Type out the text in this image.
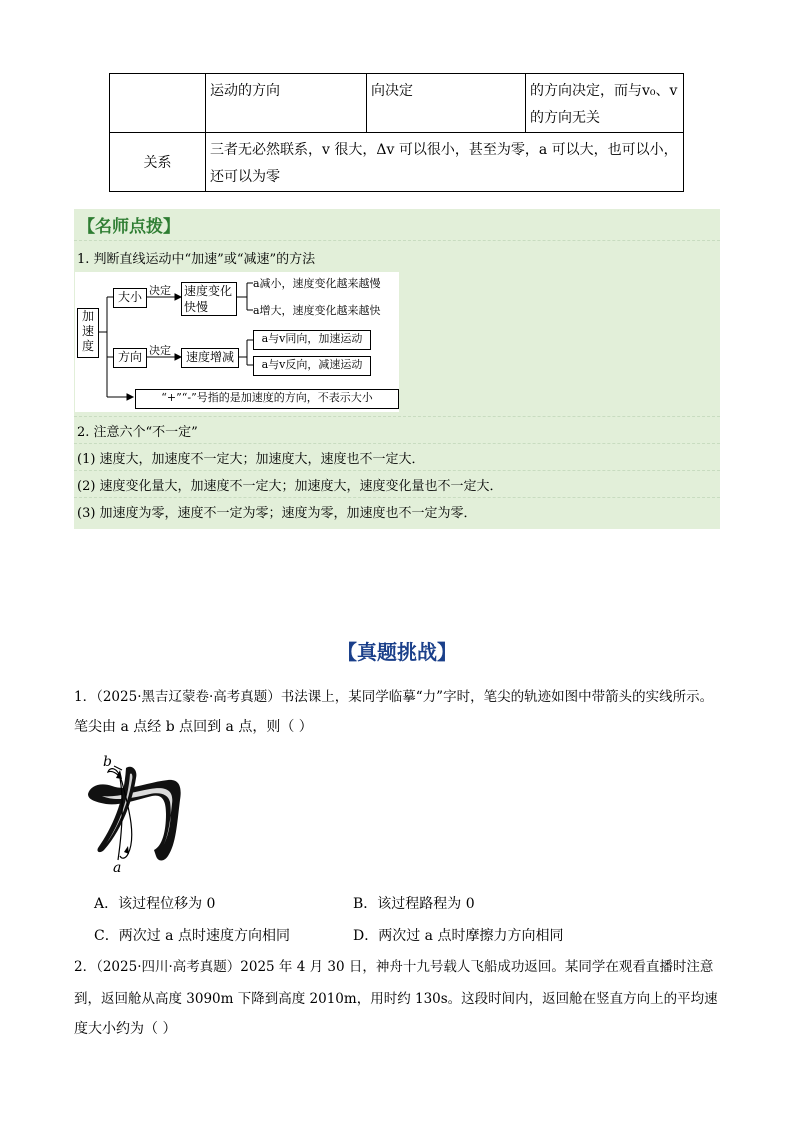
	运动的方向	向决定	的方向决定，而与v₀、v
的方向无关

关系	三者无必然联系，v 很大，Δv 可以很小，甚至为零，a 可以大，也可以小，
还可以为零		
【名师点拨】
1. 判断直线运动中“加速”或“减速”的方法
加速度
大小 决定 速度变化快慢
a减小，速度变化越来越慢
a增大，速度变化越来越快
方向 决定	速度增减
a与v同向，加速运动
a与v反向，减速运动
“+”“-”号指的是加速度的方向，不表示大小
2. 注意六个“不一定”
(1) 速度大，加速度不一定大；加速度大，速度也不一定大．
(2) 速度变化量大，加速度不一定大；加速度大，速度变化量也不一定大．
(3) 加速度为零，速度不一定为零；速度为零，加速度也不一定为零．
【真题挑战】
1．（2025·黑吉辽蒙卷·高考真题）书法课上，某同学临摹“力”字时，笔尖的轨迹如图中带箭头的实线所示。
笔尖由 a 点经 b 点回到 a 点，则（ ）
b
a
A．该过程位移为 0	B．该过程路程为 0
C．两次过 a 点时速度方向相同	D．两次过 a 点时摩擦力方向相同
2．（2025·四川·高考真题）2025 年 4 月 30 日，神舟十九号载人飞船成功返回。某同学在观看直播时注意
到，返回舱从高度 3090m 下降到高度 2010m，用时约 130s。这段时间内，返回舱在竖直方向上的平均速
度大小约为（ ）
